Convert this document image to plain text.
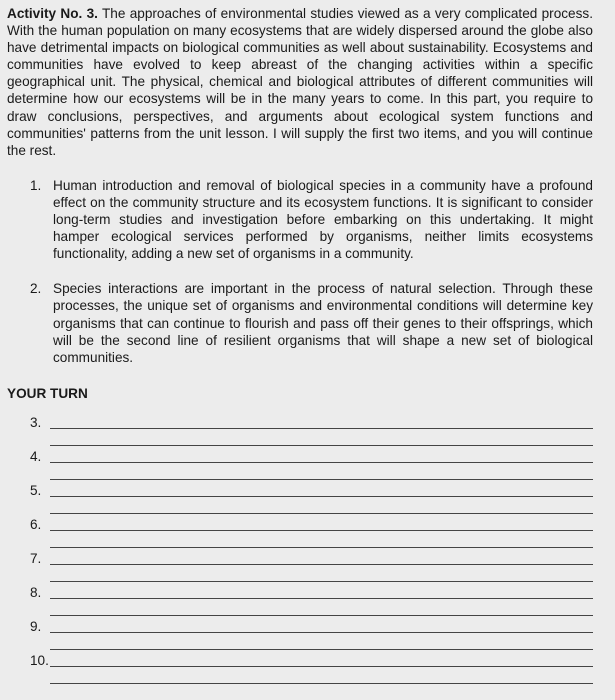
Activity No. 3. The approaches of environmental studies viewed as a very complicated process. With the human population on many ecosystems that are widely dispersed around the globe also have detrimental impacts on biological communities as well about sustainability. Ecosystems and communities have evolved to keep abreast of the changing activities within a specific geographical unit. The physical, chemical and biological attributes of different communities will determine how our ecosystems will be in the many years to come. In this part, you require to draw conclusions, perspectives, and arguments about ecological system functions and communities' patterns from the unit lesson. I will supply the first two items, and you will continue the rest.

1. Human introduction and removal of biological species in a community have a profound effect on the community structure and its ecosystem functions. It is significant to consider long-term studies and investigation before embarking on this undertaking. It might hamper ecological services performed by organisms, neither limits ecosystems functionality, adding a new set of organisms in a community.
2. Species interactions are important in the process of natural selection. Through these processes, the unique set of organisms and environmental conditions will determine key organisms that can continue to flourish and pass off their genes to their offsprings, which will be the second line of resilient organisms that will shape a new set of biological communities.
YOUR TURN
3.
4.
5.
6.
7.
8.
9.
10.
